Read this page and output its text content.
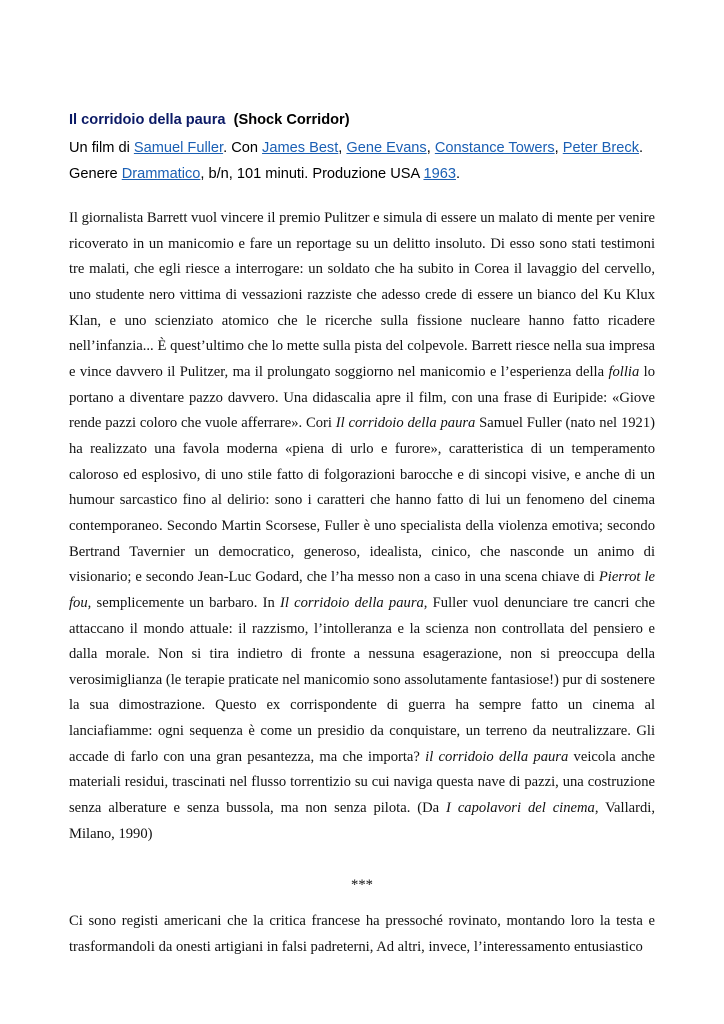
Il corridoio della paura (Shock Corridor)
Un film di Samuel Fuller. Con James Best, Gene Evans, Constance Towers, Peter Breck.
Genere Drammatico, b/n, 101 minuti. Produzione USA 1963.

Il giornalista Barrett vuol vincere il premio Pulitzer e simula di essere un malato di mente per venire ricoverato in un manicomio e fare un reportage su un delitto insoluto. Di esso sono stati testimoni tre malati, che egli riesce a interrogare: un soldato che ha subito in Corea il lavaggio del cervello, uno studente nero vittima di vessazioni razziste che adesso crede di essere un bianco del Ku Klux Klan, e uno scienziato atomico che le ricerche sulla fissione nucleare hanno fatto ricadere nell’infanzia... È quest’ultimo che lo mette sulla pista del colpevole. Barrett riesce nella sua impresa e vince davvero il Pulitzer, ma il prolungato soggiorno nel manicomio e l’esperienza della follia lo portano a diventare pazzo davvero. Una didascalia apre il film, con una frase di Euripide: «Giove rende pazzi coloro che vuole afferrare». Cori Il corridoio della paura Samuel Fuller (nato nel 1921) ha realizzato una favola moderna «piena di urlo e furore», caratteristica di un temperamento caloroso ed esplosivo, di uno stile fatto di folgorazioni barocche e di sincopi visive, e anche di un humour sarcastico fino al delirio: sono i caratteri che hanno fatto di lui un fenomeno del cinema contemporaneo. Secondo Martin Scorsese, Fuller è uno specialista della violenza emotiva; secondo Bertrand Tavernier un democratico, generoso, idealista, cinico, che nasconde un animo di visionario; e secondo Jean-Luc Godard, che l’ha messo non a caso in una scena chiave di Pierrot le fou, semplicemente un barbaro. In Il corridoio della paura, Fuller vuol denunciare tre cancri che attaccano il mondo attuale: il razzismo, l’intolleranza e la scienza non controllata del pensiero e dalla morale. Non si tira indietro di fronte a nessuna esagerazione, non si preoccupa della verosimiglianza (le terapie praticate nel manicomio sono assolutamente fantasiose!) pur di sostenere la sua dimostrazione. Questo ex corrispondente di guerra ha sempre fatto un cinema al lanciafiamme: ogni sequenza è come un presidio da conquistare, un terreno da neutralizzare. Gli accade di farlo con una gran pesantezza, ma che importa? il corridoio della paura veicola anche materiali residui, trascinati nel flusso torrentizio su cui naviga questa nave di pazzi, una costruzione senza alberature e senza bussola, ma non senza pilota. (Da I capolavori del cinema, Vallardi, Milano, 1990)

***

Ci sono registi americani che la critica francese ha pressoché rovinato, montando loro la testa e trasformandoli da onesti artigiani in falsi padreterni, Ad altri, invece, l’interessamento entusiastico
